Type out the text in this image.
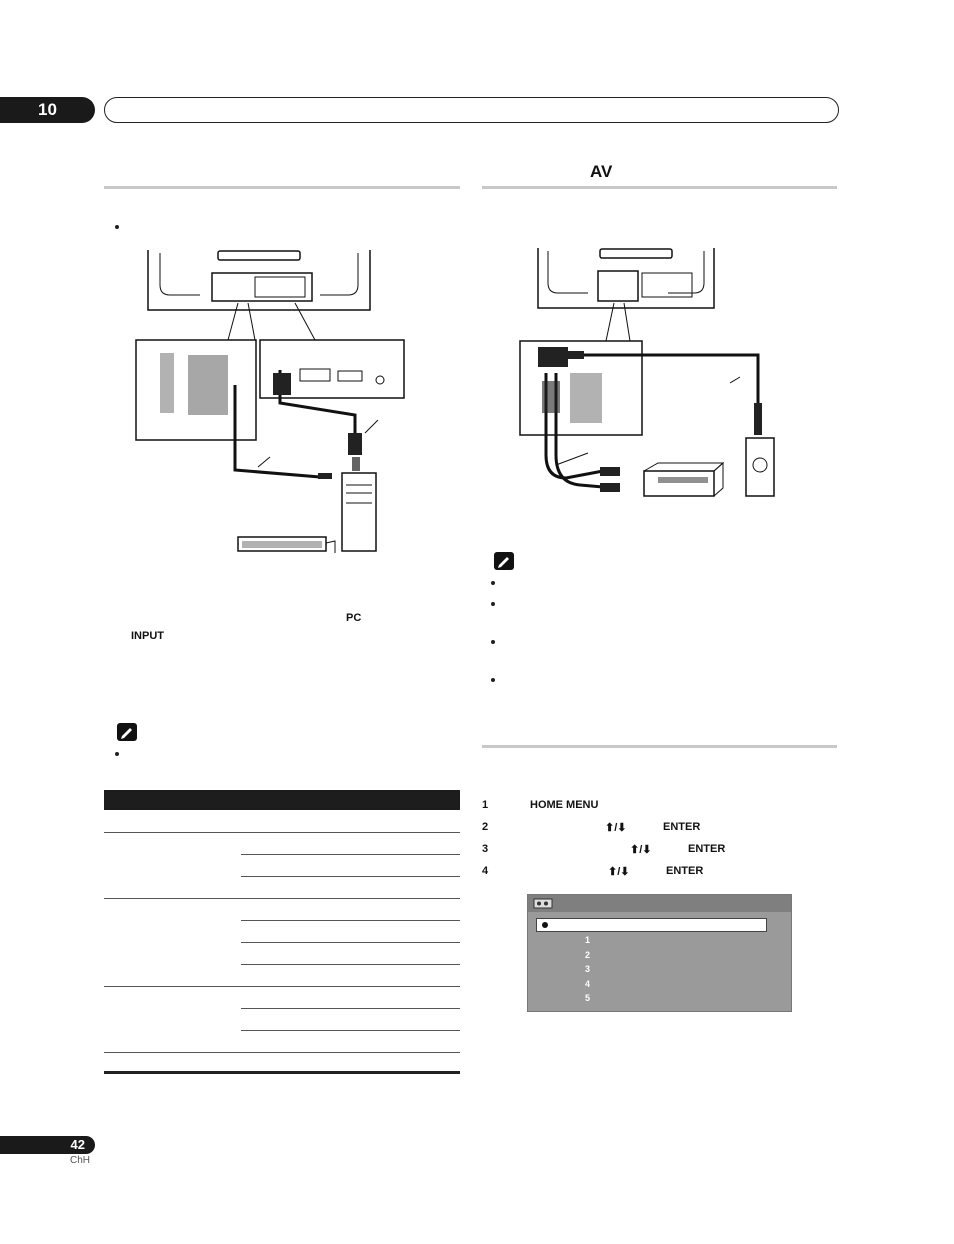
10
AV
PC
INPUT
1	HOME MENU
2	⬆/⬇	ENTER
3	⬆/⬇	ENTER
4	⬆/⬇	ENTER
1
2
3
4
5
42
ChH
